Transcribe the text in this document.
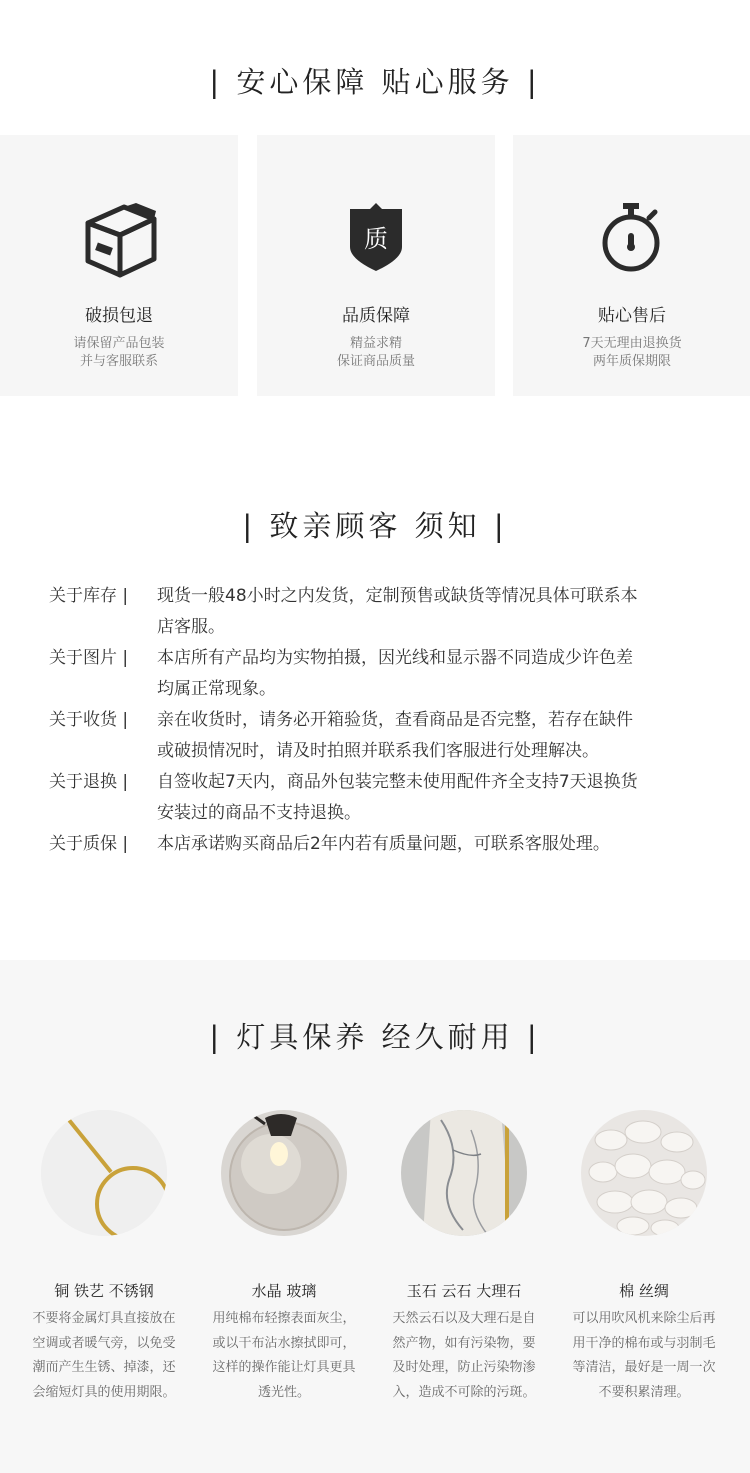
| 安心保障 贴心服务 |
破损包退
请保留产品包装
并与客服联系
质
品质保障
精益求精
保证商品质量
贴心售后
7天无理由退换货
两年质保期限
| 致亲顾客 须知 |
关于库存 | 现货一般48小时之内发货，定制预售或缺货等情况具体可联系本
店客服。
关于图片 | 本店所有产品均为实物拍摄，因光线和显示器不同造成少许色差
均属正常现象。
关于收货 | 亲在收货时，请务必开箱验货，查看商品是否完整，若存在缺件
或破损情况时，请及时拍照并联系我们客服进行处理解决。
关于退换 | 自签收起7天内，商品外包装完整未使用配件齐全支持7天退换货
安装过的商品不支持退换。
关于质保 | 本店承诺购买商品后2年内若有质量问题，可联系客服处理。
| 灯具保养 经久耐用 |
铜 铁艺 不锈钢
不要将金属灯具直接放在
空调或者暖气旁，以免受
潮而产生生锈、掉漆，还
会缩短灯具的使用期限。
水晶 玻璃
用纯棉布轻擦表面灰尘，
或以干布沾水擦拭即可，
这样的操作能让灯具更具
透光性。
玉石 云石 大理石
天然云石以及大理石是自
然产物，如有污染物，要
及时处理，防止污染物渗
入，造成不可除的污斑。
棉 丝绸
可以用吹风机来除尘后再
用干净的棉布或与羽制毛
等清洁，最好是一周一次
不要积累清理。
